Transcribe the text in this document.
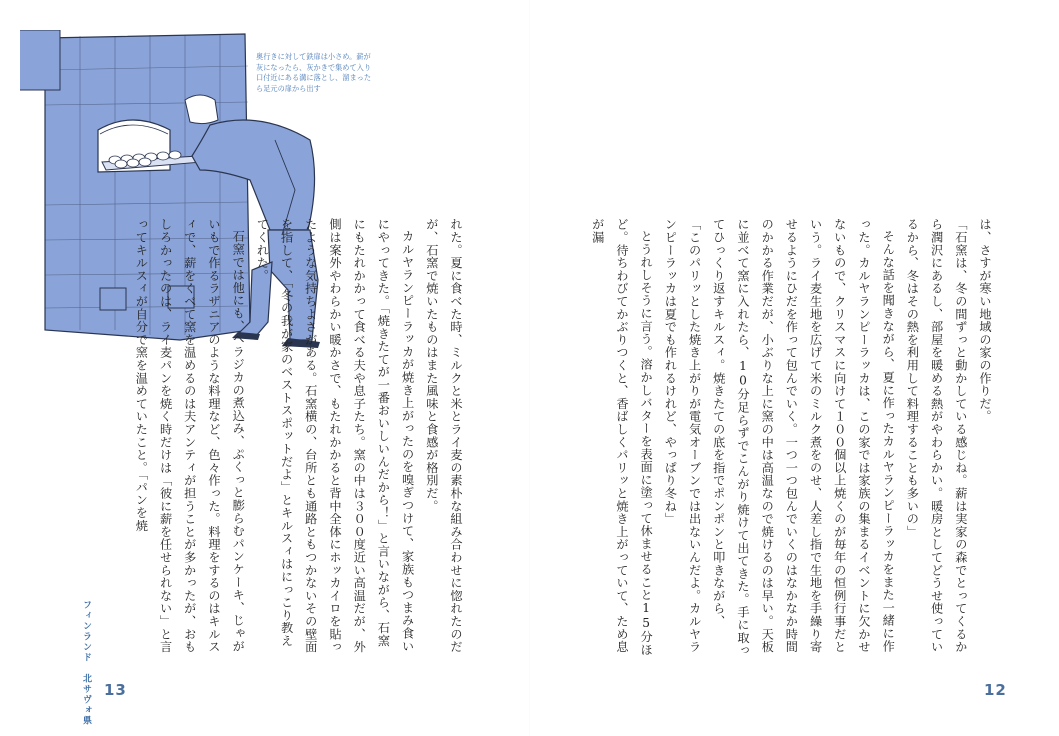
奥行きに対して鉄扉は小さめ。薪が灰になったら、灰かきで集めて入り口付近にある溝に落とし、溜まったら足元の扉から出す

れた。夏に食べた時、ミルクと米とライ麦の素朴な組み合わせに惚れたのだが、石窯で焼いたものはまた風味と食感が格別だ。

カルヤランピーラッカが焼き上がったのを嗅ぎつけて、家族もつまみ食いにやってきた。「焼きたてが一番おいしいんだから！」と言いながら、石窯にもたれかかって食べる夫や息子たち。窯の中は３００度近い高温だが、外側は案外やわらかい暖かさで、もたれかかると背中全体にホッカイロを貼ったような気持ちよさがある。石窯横の、台所とも通路ともつかないその壁面を指して、「冬の我が家のベストスポットだよ」とキルスィはにっこり教えてくれた。

石窯では他にも、ヘラジカの煮込み、ぷくっと膨らむパンケーキ、じゃがいもで作るラザニアのような料理など、色々作った。料理をするのはキルスィで、薪をくべて窯を温めるのは夫アンティが担うことが多かったが、おもしろかったのは、ライ麦パンを焼く時だけは「彼に薪を任せられない」と言ってキルスィが自分で窯を温めていたこと。「パンを焼

フィンランド　北サヴォ県 13

は、さすが寒い地域の家の作りだ。

「石窯は、冬の間ずっと動かしている感じね。薪は実家の森でとってくるから潤沢にあるし、部屋を暖める熱がやわらかい。暖房としてどうせ使っているから、冬はその熱を利用して料理することも多いの」

そんな話を聞きながら、夏に作ったカルヤランピーラッカをまた一緒に作った。カルヤランピーラッカは、この家では家族の集まるイベントに欠かせないもので、クリスマスに向けて１００個以上焼くのが毎年の恒例行事だという。ライ麦生地を広げて米のミルク煮をのせ、人差し指で生地を手繰り寄せるようにひだを作って包んでいく。一つ一つ包んでいくのはなかなか時間のかかる作業だが、小ぶりな上に窯の中は高温なので焼けるのは早い。天板に並べて窯に入れたら、10分足らずでこんがり焼けて出てきた。手に取ってひっくり返すキルスィ。焼きたての底を指でポンポンと叩きながら、

「このパリッとした焼き上がりが電気オーブンでは出ないんだよ。カルヤランピーラッカは夏でも作れるけれど、やっぱり冬ね」

とうれしそうに言う。溶かしバターを表面に塗って休ませること15分ほど。待ちわびてかぶりつくと、香ばしくパリッと焼き上がっていて、ため息が漏

12
